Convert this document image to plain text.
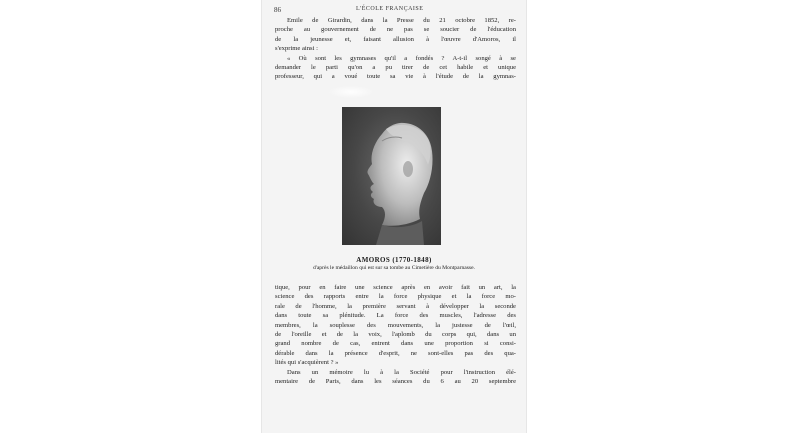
86	L'ÉCOLE FRANÇAISE

Emile de Girardin, dans la Presse du 21 octobre 1852, re-
proche au gouvernement de ne pas se soucier de l'éducation
de la jeunesse et, faisant allusion à l'œuvre d'Amoros, il
s'exprime ainsi :
« Où sont les gymnases qu'il a fondés ? A-t-il songé à se
demander le parti qu'on a pu tirer de cet habile et unique
professeur, qui a voué toute sa vie à l'étude de la gymnas-

AMOROS (1770-1848)
d'après le médaillon qui est sur sa tombe au Cimetière du Montparnasse.

tique, pour en faire une science après en avoir fait un art, la
science des rapports entre la force physique et la force mo-
rale de l'homme, la première servant à développer la seconde
dans toute sa plénitude. La force des muscles, l'adresse des
membres, la souplesse des mouvements, la justesse de l'œil,
de l'oreille et de la voix, l'aplomb du corps qui, dans un
grand nombre de cas, entrent dans une proportion si consi-
dérable dans la présence d'esprit, ne sont-elles pas des qua-
lités qui s'acquièrent ? »
Dans un mémoire lu à la Société pour l'instruction élé-
mentaire de Paris, dans les séances du 6 au 20 septembre
